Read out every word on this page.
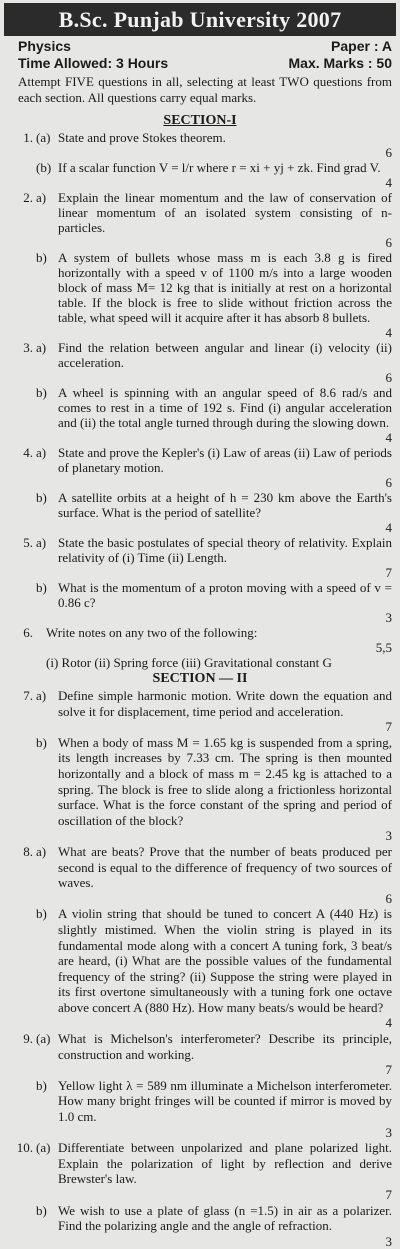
B.Sc. Punjab University 2007
Physics	Paper : A
Time Allowed: 3 Hours	Max. Marks : 50
Attempt FIVE questions in all, selecting at least TWO questions from each section. All questions carry equal marks.
SECTION-I
1. (a) State and prove Stokes theorem.
6
(b) If a scalar function V = l/r where r = xi + yj + zk. Find grad V.
4
2. a) Explain the linear momentum and the law of conservation of linear momentum of an isolated system consisting of n- particles.
6
b) A system of bullets whose mass m is each 3.8 g is fired horizontally with a speed v of 1100 m/s into a large wooden block of mass M= 12 kg that is initially at rest on a horizontal table. If the block is free to slide without friction across the table, what speed will it acquire after it has absorb 8 bullets.
4
3. a) Find the relation between angular and linear (i) velocity (ii) acceleration.
6
b) A wheel is spinning with an angular speed of 8.6 rad/s and comes to rest in a time of 192 s. Find (i) angular acceleration and (ii) the total angle turned through during the slowing down.
4
4. a) State and prove the Kepler's (i) Law of areas (ii) Law of periods of planetary motion.
6
b) A satellite orbits at a height of h = 230 km above the Earth's surface. What is the period of satellite?
4
5. a) State the basic postulates of special theory of relativity. Explain relativity of (i) Time (ii) Length.
7
b) What is the momentum of a proton moving with a speed of v = 0.86 c?
3
6. Write notes on any two of the following:
5,5
(i) Rotor (ii) Spring force (iii) Gravitational constant G
SECTION — II
7. a) Define simple harmonic motion. Write down the equation and solve it for displacement, time period and acceleration.
7
b) When a body of mass M = 1.65 kg is suspended from a spring, its length increases by 7.33 cm. The spring is then mounted horizontally and a block of mass m = 2.45 kg is attached to a spring. The block is free to slide along a frictionless horizontal surface. What is the force constant of the spring and period of oscillation of the block?
3
8. a) What are beats? Prove that the number of beats produced per second is equal to the difference of frequency of two sources of waves.
6
b) A violin string that should be tuned to concert A (440 Hz) is slightly mistimed. When the violin string is played in its fundamental mode along with a concert A tuning fork, 3 beat/s are heard, (i) What are the possible values of the fundamental frequency of the string? (ii) Suppose the string were played in its first overtone simultaneously with a tuning fork one octave above concert A (880 Hz). How many beats/s would be heard?
4
9. (a) What is Michelson's interferometer? Describe its principle, construction and working.
7
b) Yellow light λ = 589 nm illuminate a Michelson interferometer. How many bright fringes will be counted if mirror is moved by 1.0 cm.
3
10. (a) Differentiate between unpolarized and plane polarized light. Explain the polarization of light by reflection and derive Brewster's law.
7
b) We wish to use a plate of glass (n =1.5) in air as a polarizer. Find the polarizing angle and the angle of refraction.
3
